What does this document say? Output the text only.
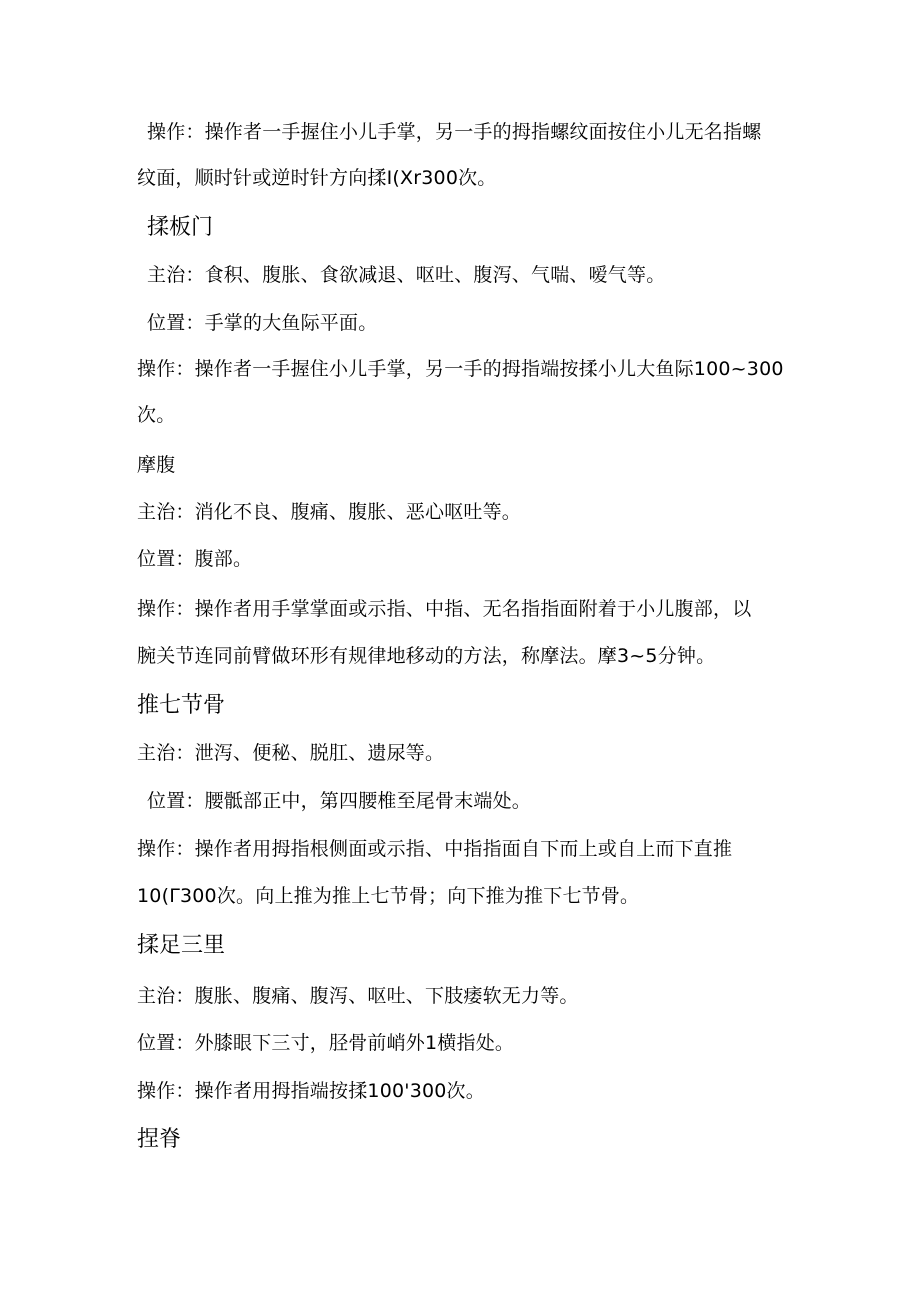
操作：操作者一手握住小儿手掌，另一手的拇指螺纹面按住小儿无名指螺
纹面，顺时针或逆时针方向揉I(Xr300次。
揉板门
主治：食积、腹胀、食欲减退、呕吐、腹泻、气喘、嗳气等。
位置：手掌的大鱼际平面。
操作：操作者一手握住小儿手掌，另一手的拇指端按揉小儿大鱼际100~300
次。
摩腹
主治：消化不良、腹痛、腹胀、恶心呕吐等。
位置：腹部。
操作：操作者用手掌掌面或示指、中指、无名指指面附着于小儿腹部，以
腕关节连同前臂做环形有规律地移动的方法，称摩法。摩3~5分钟。
推七节骨
主治：泄泻、便秘、脱肛、遗尿等。
位置：腰骶部正中，第四腰椎至尾骨末端处。
操作：操作者用拇指根侧面或示指、中指指面自下而上或自上而下直推
10(Γ300次。向上推为推上七节骨；向下推为推下七节骨。
揉足三里
主治：腹胀、腹痛、腹泻、呕吐、下肢痿软无力等。
位置：外膝眼下三寸，胫骨前峭外1横指处。
操作：操作者用拇指端按揉100'300次。
捏脊
